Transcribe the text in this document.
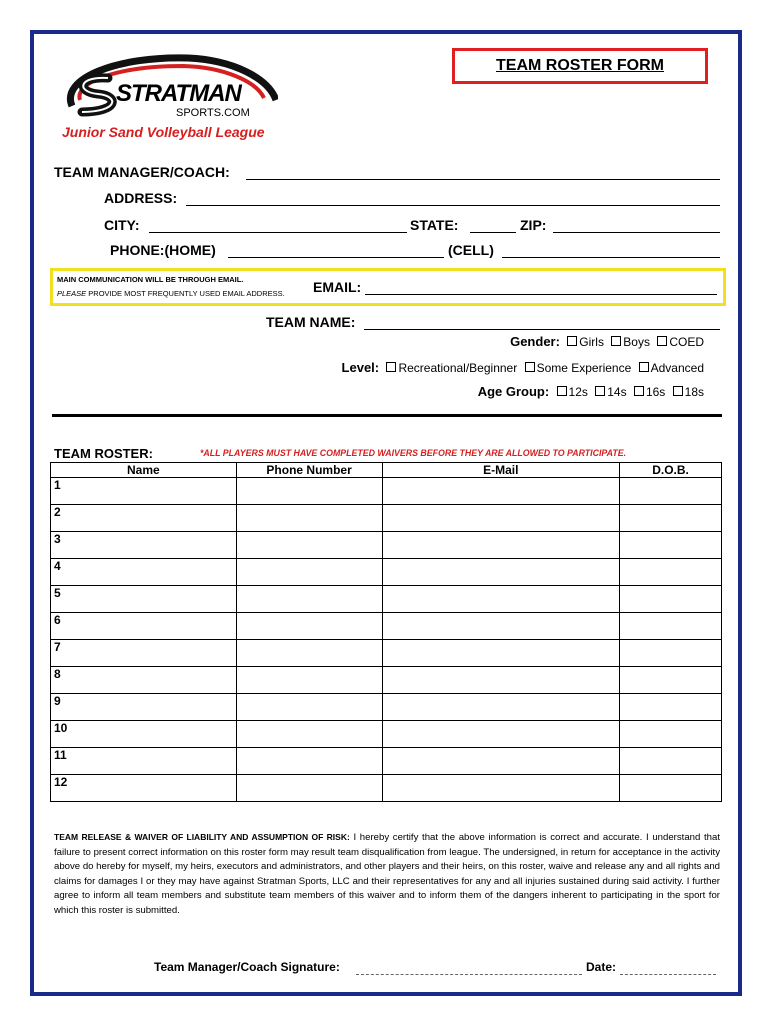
TEAM ROSTER FORM
STRATMAN
SPORTS.COM
Junior Sand Volleyball League
TEAM MANAGER/COACH:
ADDRESS:
CITY:	STATE:	ZIP:
PHONE:(HOME)	(CELL)
MAIN COMMUNICATION WILL BE THROUGH EMAIL.
PLEASE PROVIDE MOST FREQUENTLY USED EMAIL ADDRESS. EMAIL:
TEAM NAME:
Gender: Girls Boys COED
Level: Recreational/Beginner Some Experience Advanced
Age Group: 12s 14s 16s 18s
TEAM ROSTER:	*ALL PLAYERS MUST HAVE COMPLETED WAIVERS BEFORE THEY ARE ALLOWED TO PARTICIPATE.
Name	Phone Number	E-Mail	D.O.B.
1			
2			
3			
4			
5			
6			
7			
8			
9			
10			
11			
12			
TEAM RELEASE & WAIVER OF LIABILITY AND ASSUMPTION OF RISK: I hereby certify that the above information is correct and accurate. I understand that failure to present correct information on this roster form may result team disqualification from league. The undersigned, in return for acceptance in the activity above do hereby for myself, my heirs, executors and administrators, and other players and their heirs, on this roster, waive and release any and all rights and claims for damages I or they may have against Stratman Sports, LLC and their representatives for any and all injuries sustained during said activity. I further agree to inform all team members and substitute team members of this waiver and to inform them of the dangers inherent to participating in the sport for which this roster is submitted.
Team Manager/Coach Signature:	Date:
